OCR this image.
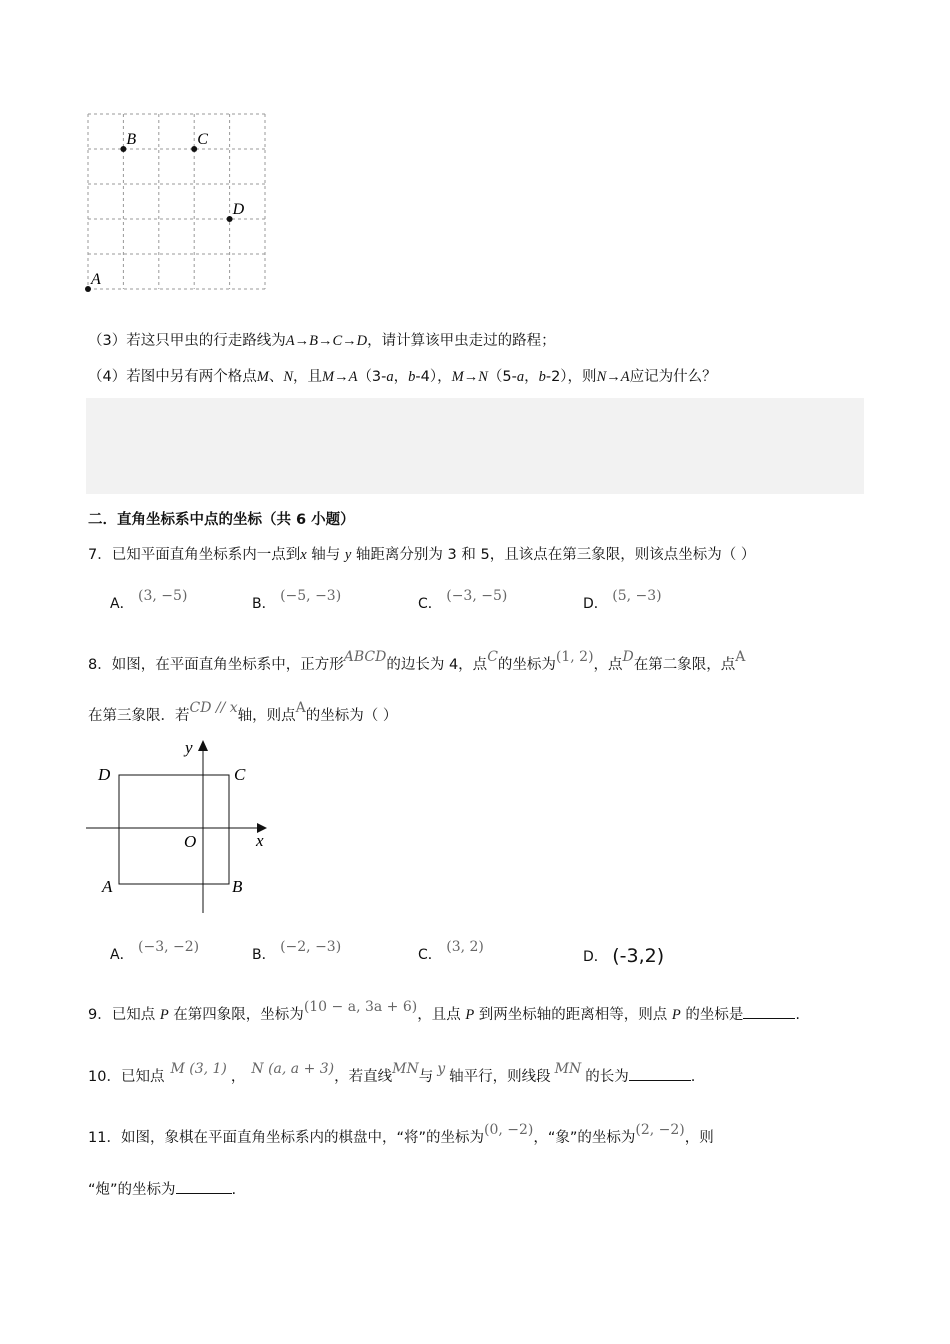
A
B	C
D
（3）若这只甲虫的行走路线为A→B→C→D，请计算该甲虫走过的路程；
（4）若图中另有两个格点M、N，且M→A（3-a，b-4），M→N（5-a，b-2），则N→A应记为什么？
二．直角坐标系中点的坐标（共 6 小题）
7．已知平面直角坐标系内一点到x 轴与 y 轴距离分别为 3 和 5，且该点在第三象限，则该点坐标为（ ）
A． (3, −5)	B． (−5, −3)	C． (−3, −5)	D． (5, −3)
8．如图，在平面直角坐标系中，正方形ABCD的边长为 4，点C的坐标为(1, 2)，点D在第二象限，点A
在第三象限．若CD // x轴，则点A的坐标为（ ）
D	C
A	B
O	x
y
A． (−3, −2)	B． (−2, −3)	C． (3, 2)
D． (-3,2)
9．已知点 P 在第四象限，坐标为(10 − a, 3a + 6)，且点 P 到两坐标轴的距离相等，则点 P 的坐标是	.
10．已知点 M (3, 1) ， N (a, a + 3)，若直线MN与 y 轴平行，则线段 MN 的长为	.
11．如图，象棋在平面直角坐标系内的棋盘中，“将”的坐标为(0, −2)，“象”的坐标为(2, −2)，则
“炮”的坐标为	.
